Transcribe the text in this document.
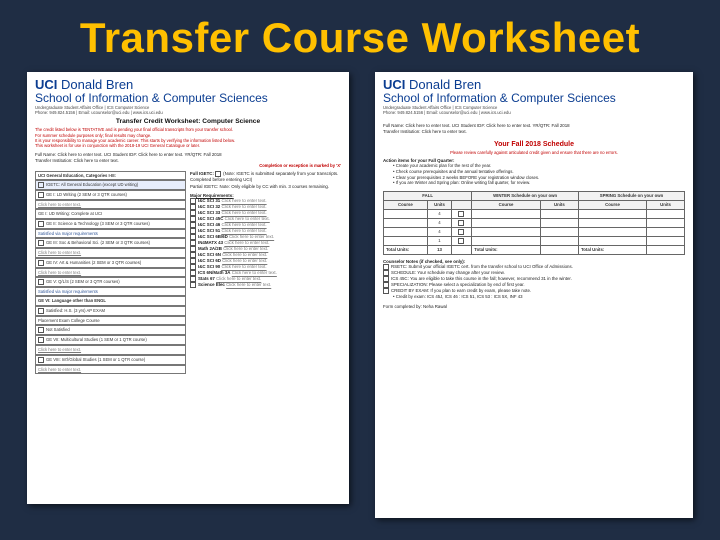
Transfer Course Worksheet
UCI Donald Bren
School of Information & Computer Sciences
Undergraduate Student Affairs Office | ICS Computer Science
Phone: 949.824.5156 | Email: ucounselor@uci.edu | www.ics.uci.edu
Transfer Credit Worksheet: Computer Science
The credit listed below is TENTATIVE and is pending your final official transcripts from your transfer school.
For summer schedule purposes only; final results may change.
It is your responsibility to manage your academic career. This starts by verifying the information listed below.
This worksheet is for use in conjunction with the 2018-19 UCI General Catalogue or later.
Full Name: Click here to enter text. UCI Student ID#: Click here to enter text. YR/QTR: Fall 2018
Transfer Institution: Click here to enter text.
Completion or exception is marked by 'X'
UCI General Education, Categories I-III:
IGETC: All General Education (except UD writing)
GE I: LD Writing (2 SEM or 3 QTR courses)
Click here to enter text.
GE I: UD Writing: Complete at UCI
GE II: Science & Technology (3 SEM or 3 QTR courses)
Satisfied via major requirements
GE III: Soc & Behavioral Sci. (2 SEM or 3 QTR courses)
Click here to enter text.
GE IV: Art & Humanities (2 SEM or 3 QTR courses)
Click here to enter text.
GE V: Q/L/S (2 SEM or 3 QTR courses)
Satisfied via major requirements
GE VI: Language other than ENGL
Satisfied: H.S. (3 yrs) AP EXAM
Placement Exam College Course
Not Satisfied
GE VII: Multicultural Studies (1 SEM or 1 QTR course)
Click here to enter text.
GE VIII: Int'l/Global Studies (1 SEM or 1 QTR course)
Click here to enter text.
Full IGETC: (Note: IGETC is submitted separately from your transcripts. Completed before entering UCI)
Partial IGETC: Note: Only eligible by CC with min. 3 courses remaining.
Major Requirements:
I&C SCI 31 Click here to enter text.
I&C SCI 32 Click here to enter text.
I&C SCI 33 Click here to enter text.
I&C SCI 45C Click here to enter text.
I&C SCI 46 Click here to enter text.
I&C SCI 51 Click here to enter text.
I&C SCI 6B/6D Click here to enter text.
IN4MATX 43 Click here to enter text.
Math 2A/2B Click here to enter text.
I&C SCI 6N Click here to enter text.
I&C SCI 6D Click here to enter text.
I&C SCI 90 Click here to enter text.
ICS 6N/Math 3A Click here to enter text.
Stats 67 Click here to enter text.
Science Elec Click here to enter text.
UCI Donald Bren
School of Information & Computer Sciences
Undergraduate Student Affairs Office | ICS Computer Science
Phone: 949.824.5156 | Email: ucounselor@uci.edu | www.ics.uci.edu
Full Name: Click here to enter text. UCI Student ID#: Click here to enter text. YR/QTR: Fall 2018
Transfer Institution: Click here to enter text.
Your Fall 2018 Schedule
Please review carefully against articulated credit given and ensure that there are no errors.
Action items for your Fall Quarter:
• Create your academic plan for the rest of the year.
• Check course prerequisites and the annual tentative offerings.
• Clear your prerequisites 2 weeks BEFORE your registration window closes.
• If you are Winter and Spring plan: Online writing fall quarter, for review.
FALL			WINTER Schedule on your own		SPRING Schedule on your own	
Course	Units		Course	Units	Course	Units
	4					
	4					
	4					
	1					
Total Units:	13		Total Units:		Total Units:	
Counselor Notes (if checked, see only):
RSETC: Submit your official IGETC cert. from the transfer school to UCI Office of Admissions.
SCHEDULE: Your schedule may change after your review.
ICS 45C: You are eligible to take this course in the fall; however, recommend 31 in the winter.
SPECIALIZATION: Please select a specialization by end of first year.
CREDIT BY EXAM: If you plan to earn credit by exam, please take note.
• Credit by exam: ICS 45J, ICS 46 : ICS 51, ICS 53 : ICS 5X, INF 43
Form completed by: Neha Rawal
